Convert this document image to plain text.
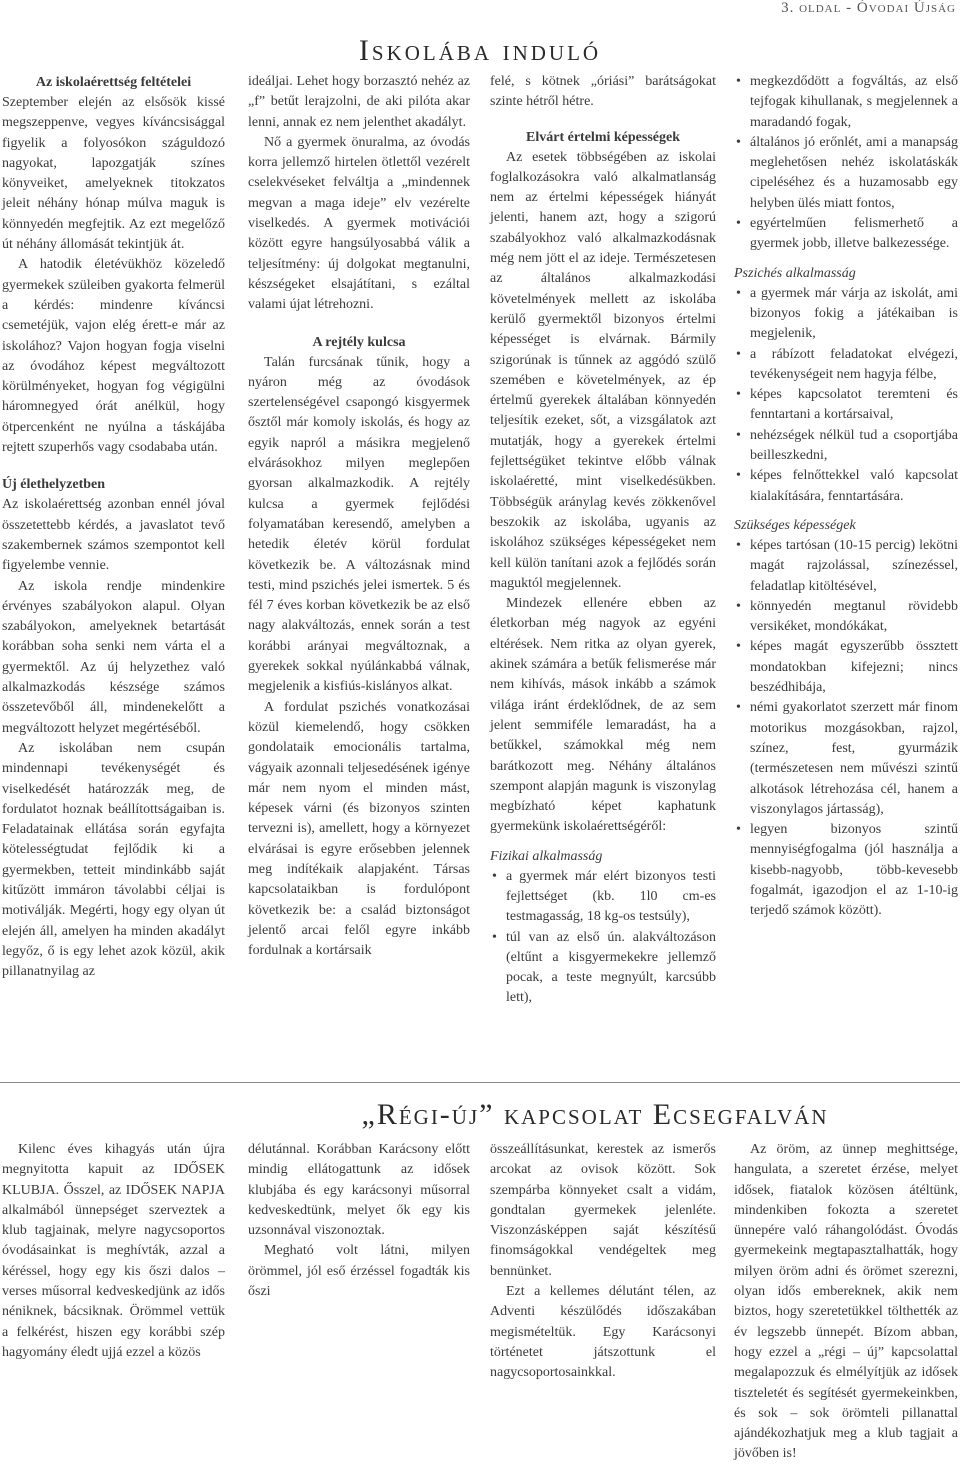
3. oldal - Óvodai Újság
Iskolába induló
Az iskolaérettség feltételei

Szeptember elején az elsősök kissé megszeppenve, vegyes kíváncsisággal figyelik a folyosókon száguldozó nagyokat, lapozgatják színes könyveiket, amelyeknek titokzatos jeleit néhány hónap múlva maguk is könnyedén megfejtik. Az ezt megelőző út néhány állomását tekintjük át.

A hatodik életévükhöz közeledő gyermekek szüleiben gyakorta felmerül a kérdés: mindenre kíváncsi csemetéjük, vajon elég érett-e már az iskolához? Vajon hogyan fogja viselni az óvodához képest megváltozott körülményeket, hogyan fog végigülni háromnegyed órát anélkül, hogy ötpercenként ne nyúlna a táskájába rejtett szuperhős vagy csodababa után.

Új élethelyzetben

Az iskolaérettség azonban ennél jóval összetettebb kérdés, a javaslatot tevő szakembernek számos szempontot kell figyelembe vennie.

Az iskola rendje mindenkire érvényes szabályokon alapul. Olyan szabályokon, amelyeknek betartását korábban soha senki nem várta el a gyermektől. Az új helyzethez való alkalmazkodás készsége számos összetevőből áll, mindenekelőtt a megváltozott helyzet megértéséből.

Az iskolában nem csupán mindennapi tevékenységét és viselkedését határozzák meg, de fordulatot hoznak beállítottságaiban is. Feladatainak ellátása során egyfajta kötelességtudat fejlődik ki a gyermekben, tetteit mindinkább saját kitűzött immáron távolabbi céljai is motiválják. Megérti, hogy egy olyan út elején áll, amelyen ha minden akadályt legyőz, ő is egy lehet azok közül, akik pillanatnyilag az

ideáljai. Lehet hogy borzasztó nehéz az „f” betűt lerajzolni, de aki pilóta akar lenni, annak ez nem jelenthet akadályt.

Nő a gyermek önuralma, az óvodás korra jellemző hirtelen ötlettől vezérelt cselekvéseket felváltja a „mindennek megvan a maga ideje” elv vezérelte viselkedés. A gyermek motivációi között egyre hangsúlyosabbá válik a teljesítmény: új dolgokat megtanulni, készségeket elsajátítani, s ezáltal valami újat létrehozni.

A rejtély kulcsa

Talán furcsának tűnik, hogy a nyáron még az óvodások szertelenségével csapongó kisgyermek ősztől már komoly iskolás, és hogy az egyik napról a másikra megjelenő elvárásokhoz milyen meglepően gyorsan alkalmazkodik. A rejtély kulcsa a gyermek fejlődési folyamatában keresendő, amelyben a hetedik életév körül fordulat következik be. A változásnak mind testi, mind pszichés jelei ismertek. 5 és fél 7 éves korban következik be az első nagy alakváltozás, ennek során a test korábbi arányai megváltoznak, a gyerekek sokkal nyúlánkabbá válnak, megjelenik a kisfiús-kislányos alkat.

A fordulat pszichés vonatkozásai közül kiemelendő, hogy csökken gondolataik emocionális tartalma, vágyaik azonnali teljesedésének igénye már nem nyom el minden mást, képesek várni (és bizonyos szinten tervezni is), amellett, hogy a környezet elvárásai is egyre erősebben jelennek meg indítékaik alapjaként. Társas kapcsolataikban is fordulópont következik be: a család biztonságot jelentő arcai felől egyre inkább fordulnak a kortársaik

felé, s kötnek „óriási” barátságokat szinte hétről hétre.

Elvárt értelmi képességek

Az esetek többségében az iskolai foglalkozásokra való alkalmatlanság nem az értelmi képességek hiányát jelenti, hanem azt, hogy a szigorú szabályokhoz való alkalmazkodásnak még nem jött el az ideje. Természetesen az általános alkalmazkodási követelmények mellett az iskolába kerülő gyermektől bizonyos értelmi képességet is elvárnak. Bármily szigorúnak is tűnnek az aggódó szülő szemében e követelmények, az ép értelmű gyerekek általában könnyedén teljesítik ezeket, sőt, a vizsgálatok azt mutatják, hogy a gyerekek értelmi fejlettségüket tekintve előbb válnak iskolaéretté, mint viselkedésükben. Többségük aránylag kevés zökkenővel beszokik az iskolába, ugyanis az iskolához szükséges képességeket nem kell külön tanítani azok a fejlődés során maguktól megjelennek.

Mindezek ellenére ebben az életkorban még nagyok az egyéni eltérések. Nem ritka az olyan gyerek, akinek számára a betűk felismerése már nem kihívás, mások inkább a számok világa iránt érdeklődnek, de az sem jelent semmiféle lemaradást, ha a betűkkel, számokkal még nem barátkozott meg. Néhány általános szempont alapján magunk is viszonylag megbízható képet kaphatunk gyermekünk iskolaérettségéről:

Fizikai alkalmasság
• a gyermek már elért bizonyos testi fejlettséget (kb. 1l0 cm-es testmagasság, 18 kg-os testsúly),
• túl van az első ún. alakváltozáson (eltűnt a kisgyermekekre jellemző pocak, a teste megnyúlt, karcsúbb lett),
• megkezdődött a fogváltás, az első tejfogak kihullanak, s megjelennek a maradandó fogak,
• általános jó erőnlét, ami a manapság meglehetősen nehéz iskolatáskák cipeléséhez és a huzamosabb egy helyben ülés miatt fontos,
• egyértelműen felismerhető a gyermek jobb, illetve balkezessége.
Pszichés alkalmasság
• a gyermek már várja az iskolát, ami bizonyos fokig a játékaiban is megjelenik,
• a rábízott feladatokat elvégezi, tevékenységeit nem hagyja félbe,
• képes kapcsolatot teremteni és fenntartani a kortársaival,
• nehézségek nélkül tud a csoportjába beilleszkedni,
• képes felnőttekkel való kapcsolat kialakítására, fenntartására.
Szükséges képességek
• képes tartósan (10-15 percig) lekötni magát rajzolással, színezéssel, feladatlap kitöltésével,
• könnyedén megtanul rövidebb versikéket, mondókákat,
• képes magát egyszerűbb össztett mondatokban kifejezni; nincs beszédhibája,
• némi gyakorlatot szerzett már finom motorikus mozgásokban, rajzol, színez, fest, gyurmázik (természetesen nem művészi szintű alkotások létrehozása cél, hanem a viszonylagos jártasság),
• legyen bizonyos szintű mennyiségfogalma (jól használja a kisebb-nagyobb, több-kevesebb fogalmát, igazodjon el az 1-10-ig terjedő számok között).
„Régi-új” kapcsolat Ecsegfalván

Kilenc éves kihagyás után újra megnyitotta kapuit az IDŐSEK KLUBJA. Ősszel, az IDŐSEK NAPJA alkalmából ünnepséget szerveztek a klub tagjainak, melyre nagycsoportos óvodásainkat is meghívták, azzal a kéréssel, hogy egy kis őszi dalos – verses műsorral kedveskedjünk az idős néniknek, bácsiknak. Örömmel vettük a felkérést, hiszen egy korábbi szép hagyomány éledt ujjá ezzel a közös

délutánnal. Korábban Karácsony előtt mindig ellátogattunk az idősek klubjába és egy karácsonyi műsorral kedveskedtünk, melyet ők egy kis uzsonnával viszonoztak.

Megható volt látni, milyen örömmel, jól eső érzéssel fogadták kis őszi

összeállításunkat, kerestek az ismerős arcokat az ovisok között. Sok szempárba könnyeket csalt a vidám, gondtalan gyermekek jelenléte. Viszonzásképpen saját készítésű finomságokkal vendégeltek meg bennünket.

Ezt a kellemes délutánt télen, az Adventi készülődés időszakában megismételtük. Egy Karácsonyi történetet játszottunk el nagycsoportosainkkal.

Az öröm, az ünnep meghittsége, hangulata, a szeretet érzése, melyet idősek, fiatalok közösen átéltünk, mindenkiben fokozta a szeretet ünnepére való ráhangolódást. Óvodás gyermekeink megtapasztalhatták, hogy milyen öröm adni és örömet szerezni, olyan idős embereknek, akik nem biztos, hogy szeretetükkel tölthették az év legszebb ünnepét. Bízom abban, hogy ezzel a „régi – új” kapcsolattal megalapozzuk és elmélyítjük az idősek tiszteletét és segítését gyermekeinkben, és sok – sok örömteli pillanattal ajándékozhatjuk meg a klub tagjait a jövőben is!
